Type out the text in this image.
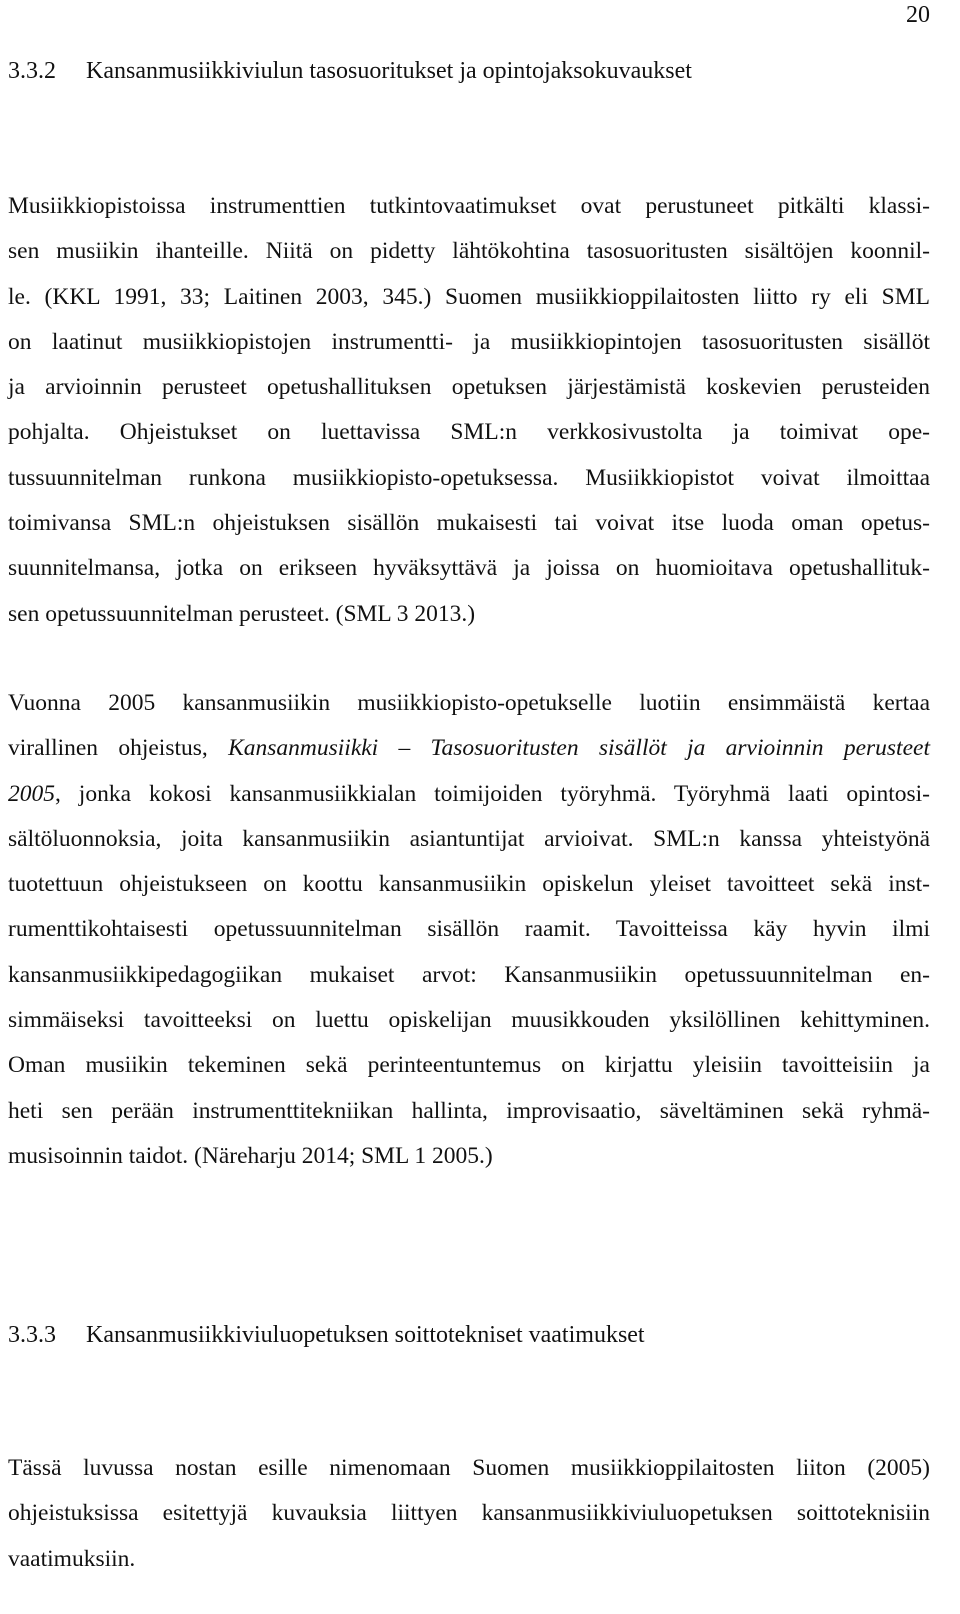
20
3.3.2 Kansanmusiikkiviulun tasosuoritukset ja opintojaksokuvaukset

Musiikkiopistoissa instrumenttien tutkintovaatimukset ovat perustuneet pitkälti klassi-
sen musiikin ihanteille. Niitä on pidetty lähtökohtina tasosuoritusten sisältöjen koonnil-
le. (KKL 1991, 33; Laitinen 2003, 345.) Suomen musiikkioppilaitosten liitto ry eli SML
on laatinut musiikkiopistojen instrumentti- ja musiikkiopintojen tasosuoritusten sisällöt
ja arvioinnin perusteet opetushallituksen opetuksen järjestämistä koskevien perusteiden
pohjalta. Ohjeistukset on luettavissa SML:n verkkosivustolta ja toimivat ope-
tussuunnitelman runkona musiikkiopisto-opetuksessa. Musiikkiopistot voivat ilmoittaa
toimivansa SML:n ohjeistuksen sisällön mukaisesti tai voivat itse luoda oman opetus-
suunnitelmansa, jotka on erikseen hyväksyttävä ja joissa on huomioitava opetushallituk-
sen opetussuunnitelman perusteet. (SML 3 2013.)

Vuonna 2005 kansanmusiikin musiikkiopisto-opetukselle luotiin ensimmäistä kertaa
virallinen ohjeistus, Kansanmusiikki – Tasosuoritusten sisällöt ja arvioinnin perusteet
2005, jonka kokosi kansanmusiikkialan toimijoiden työryhmä. Työryhmä laati opintosi-
sältöluonnoksia, joita kansanmusiikin asiantuntijat arvioivat. SML:n kanssa yhteistyönä
tuotettuun ohjeistukseen on koottu kansanmusiikin opiskelun yleiset tavoitteet sekä inst-
rumenttikohtaisesti opetussuunnitelman sisällön raamit. Tavoitteissa käy hyvin ilmi
kansanmusiikkipedagogiikan mukaiset arvot: Kansanmusiikin opetussuunnitelman en-
simmäiseksi tavoitteeksi on luettu opiskelijan muusikkouden yksilöllinen kehittyminen.
Oman musiikin tekeminen sekä perinteentuntemus on kirjattu yleisiin tavoitteisiin ja
heti sen perään instrumenttitekniikan hallinta, improvisaatio, säveltäminen sekä ryhmä-
musisoinnin taidot. (Näreharju 2014; SML 1 2005.)

3.3.3 Kansanmusiikkiviuluopetuksen soittotekniset vaatimukset

Tässä luvussa nostan esille nimenomaan Suomen musiikkioppilaitosten liiton (2005)
ohjeistuksissa esitettyjä kuvauksia liittyen kansanmusiikkiviuluopetuksen soittoteknisiin
vaatimuksiin.
